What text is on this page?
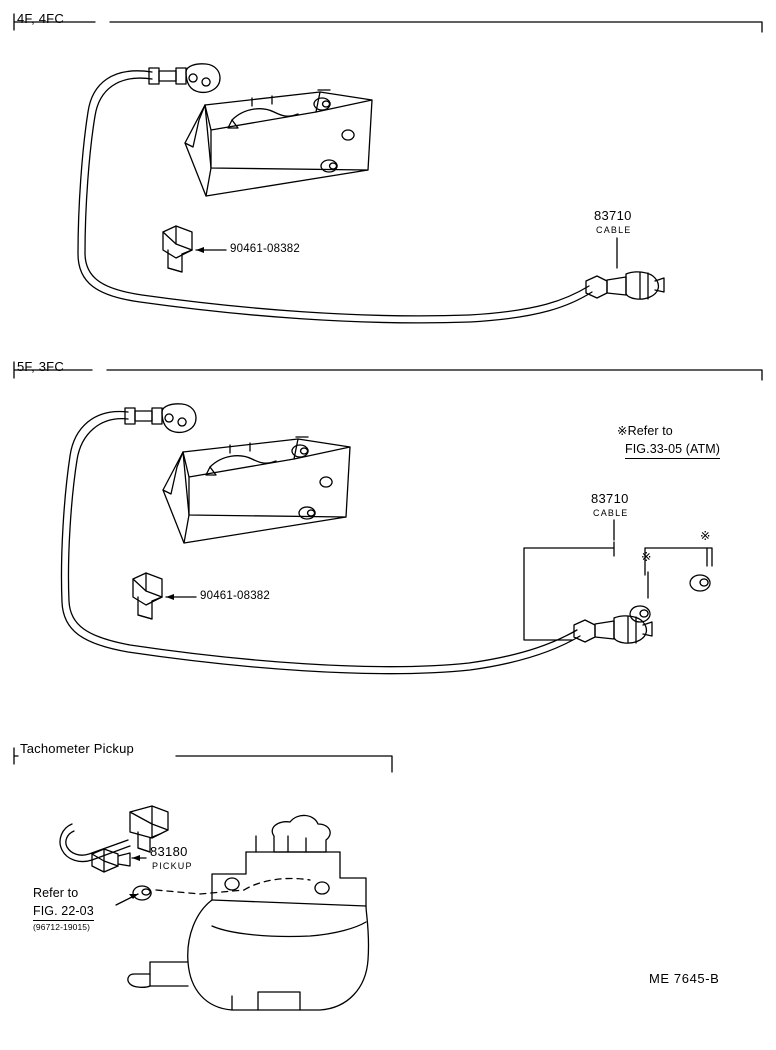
4F, 4FC
90461-08382
83710
CABLE
5F, 3FC
90461-08382
83710
CABLE
※Refer to
FIG.33-05 (ATM)
※
※
Tachometer Pickup
83180
PICKUP
Refer to
FIG. 22-03
(96712-19015)
ME 7645-B
